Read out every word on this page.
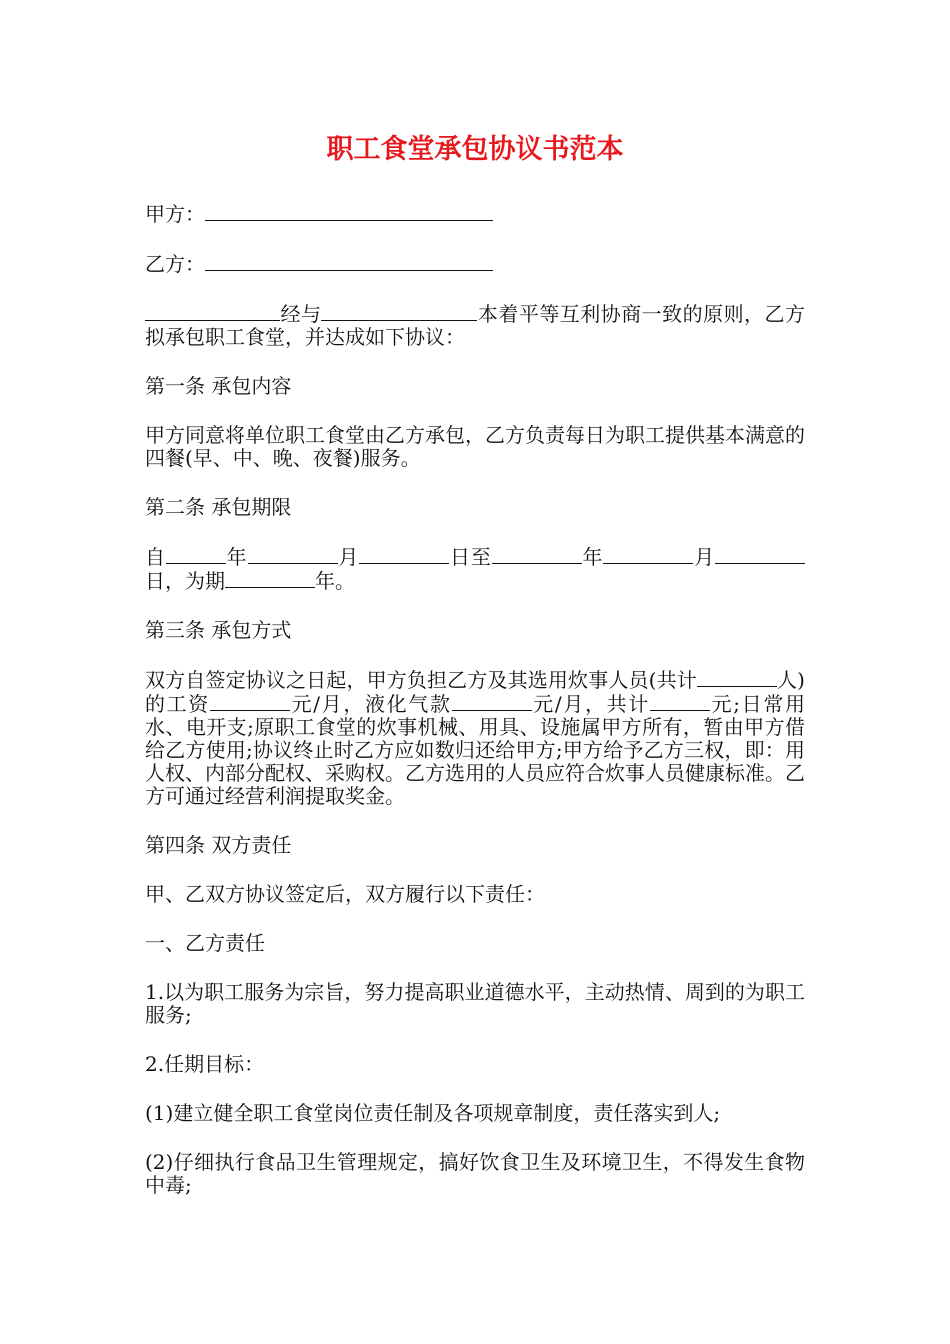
职工食堂承包协议书范本

甲方：

乙方：

经与	本着平等互利协商一致的原则，乙方拟承包职工食堂，并达成如下协议：

第一条 承包内容

甲方同意将单位职工食堂由乙方承包，乙方负责每日为职工提供基本满意的四餐(早、中、晚、夜餐)服务。

第二条 承包期限

自	年	月	日至	年	月日，为期	年。

第三条 承包方式

双方自签定协议之日起，甲方负担乙方及其选用炊事人员(共计	人)的工资	元/月，液化气款	元/月，共计	元;日常用水、电开支;原职工食堂的炊事机械、用具、设施属甲方所有，暂由甲方借给乙方使用;协议终止时乙方应如数归还给甲方;甲方给予乙方三权，即：用人权、内部分配权、采购权。乙方选用的人员应符合炊事人员健康标准。乙方可通过经营利润提取奖金。

第四条 双方责任

甲、乙双方协议签定后，双方履行以下责任：

一、乙方责任

1.以为职工服务为宗旨，努力提高职业道德水平，主动热情、周到的为职工服务;

2.任期目标：

(1)建立健全职工食堂岗位责任制及各项规章制度，责任落实到人;

(2)仔细执行食品卫生管理规定，搞好饮食卫生及环境卫生，不得发生食物中毒;
